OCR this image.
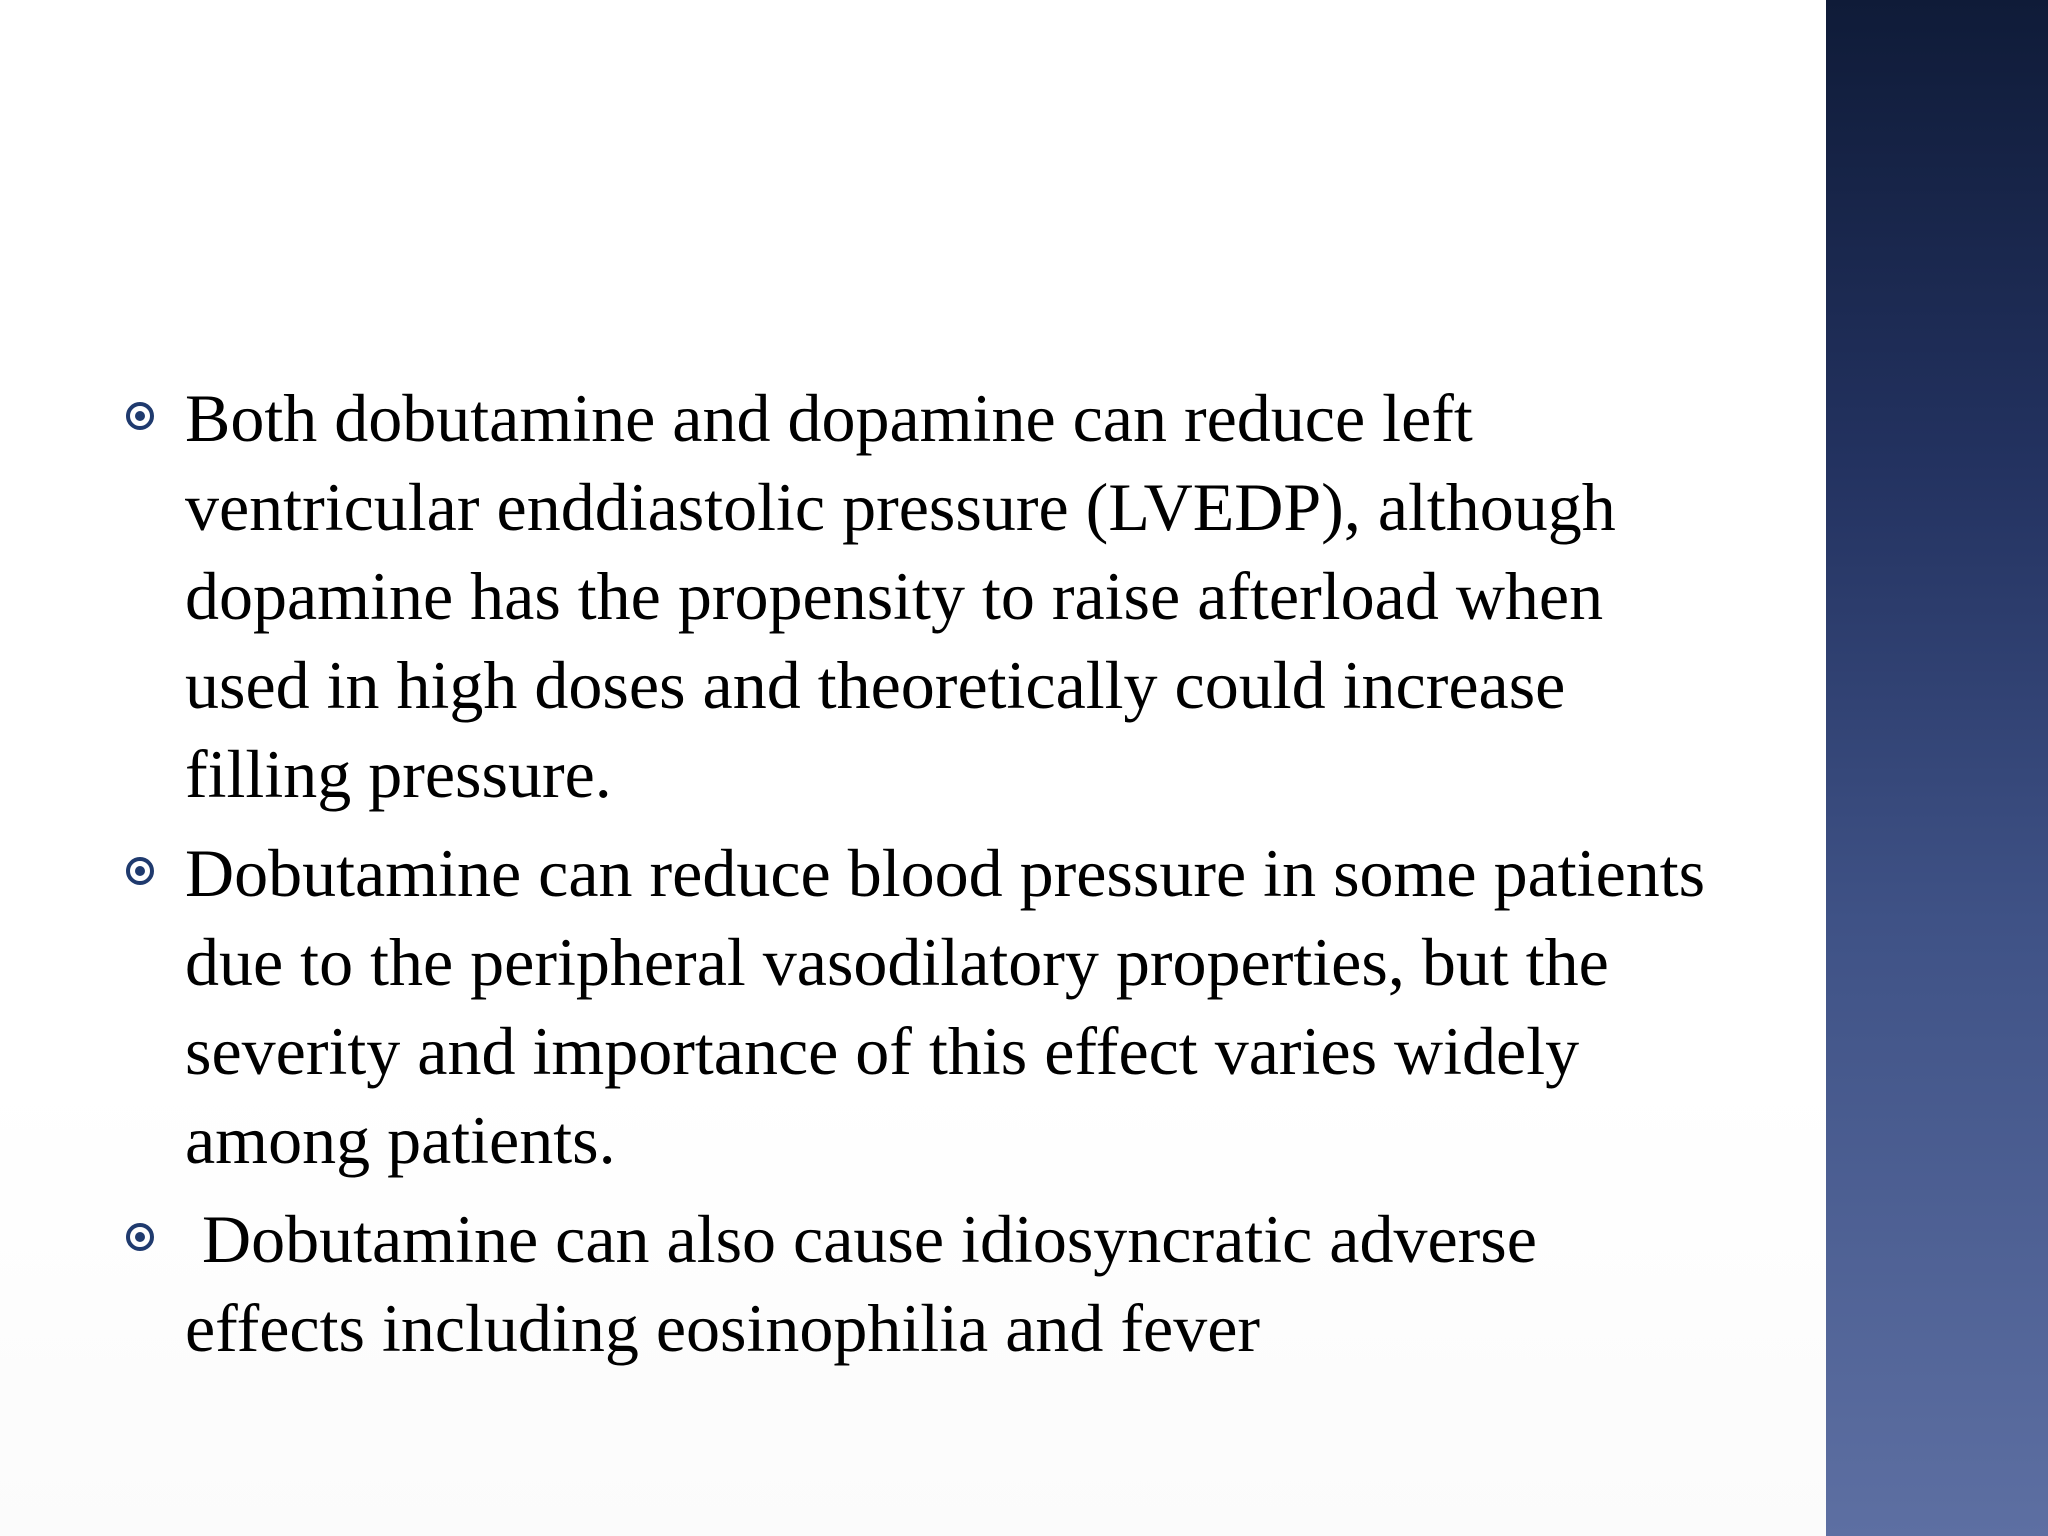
Both dobutamine and dopamine can reduce left ventricular enddiastolic pressure (LVEDP), although dopamine has the propensity to raise afterload when used in high doses and theoretically could increase filling pressure.
Dobutamine can reduce blood pressure in some patients due to the peripheral vasodilatory properties, but the severity and importance of this effect varies widely among patients.
Dobutamine can also cause idiosyncratic adverse effects including eosinophilia and fever
